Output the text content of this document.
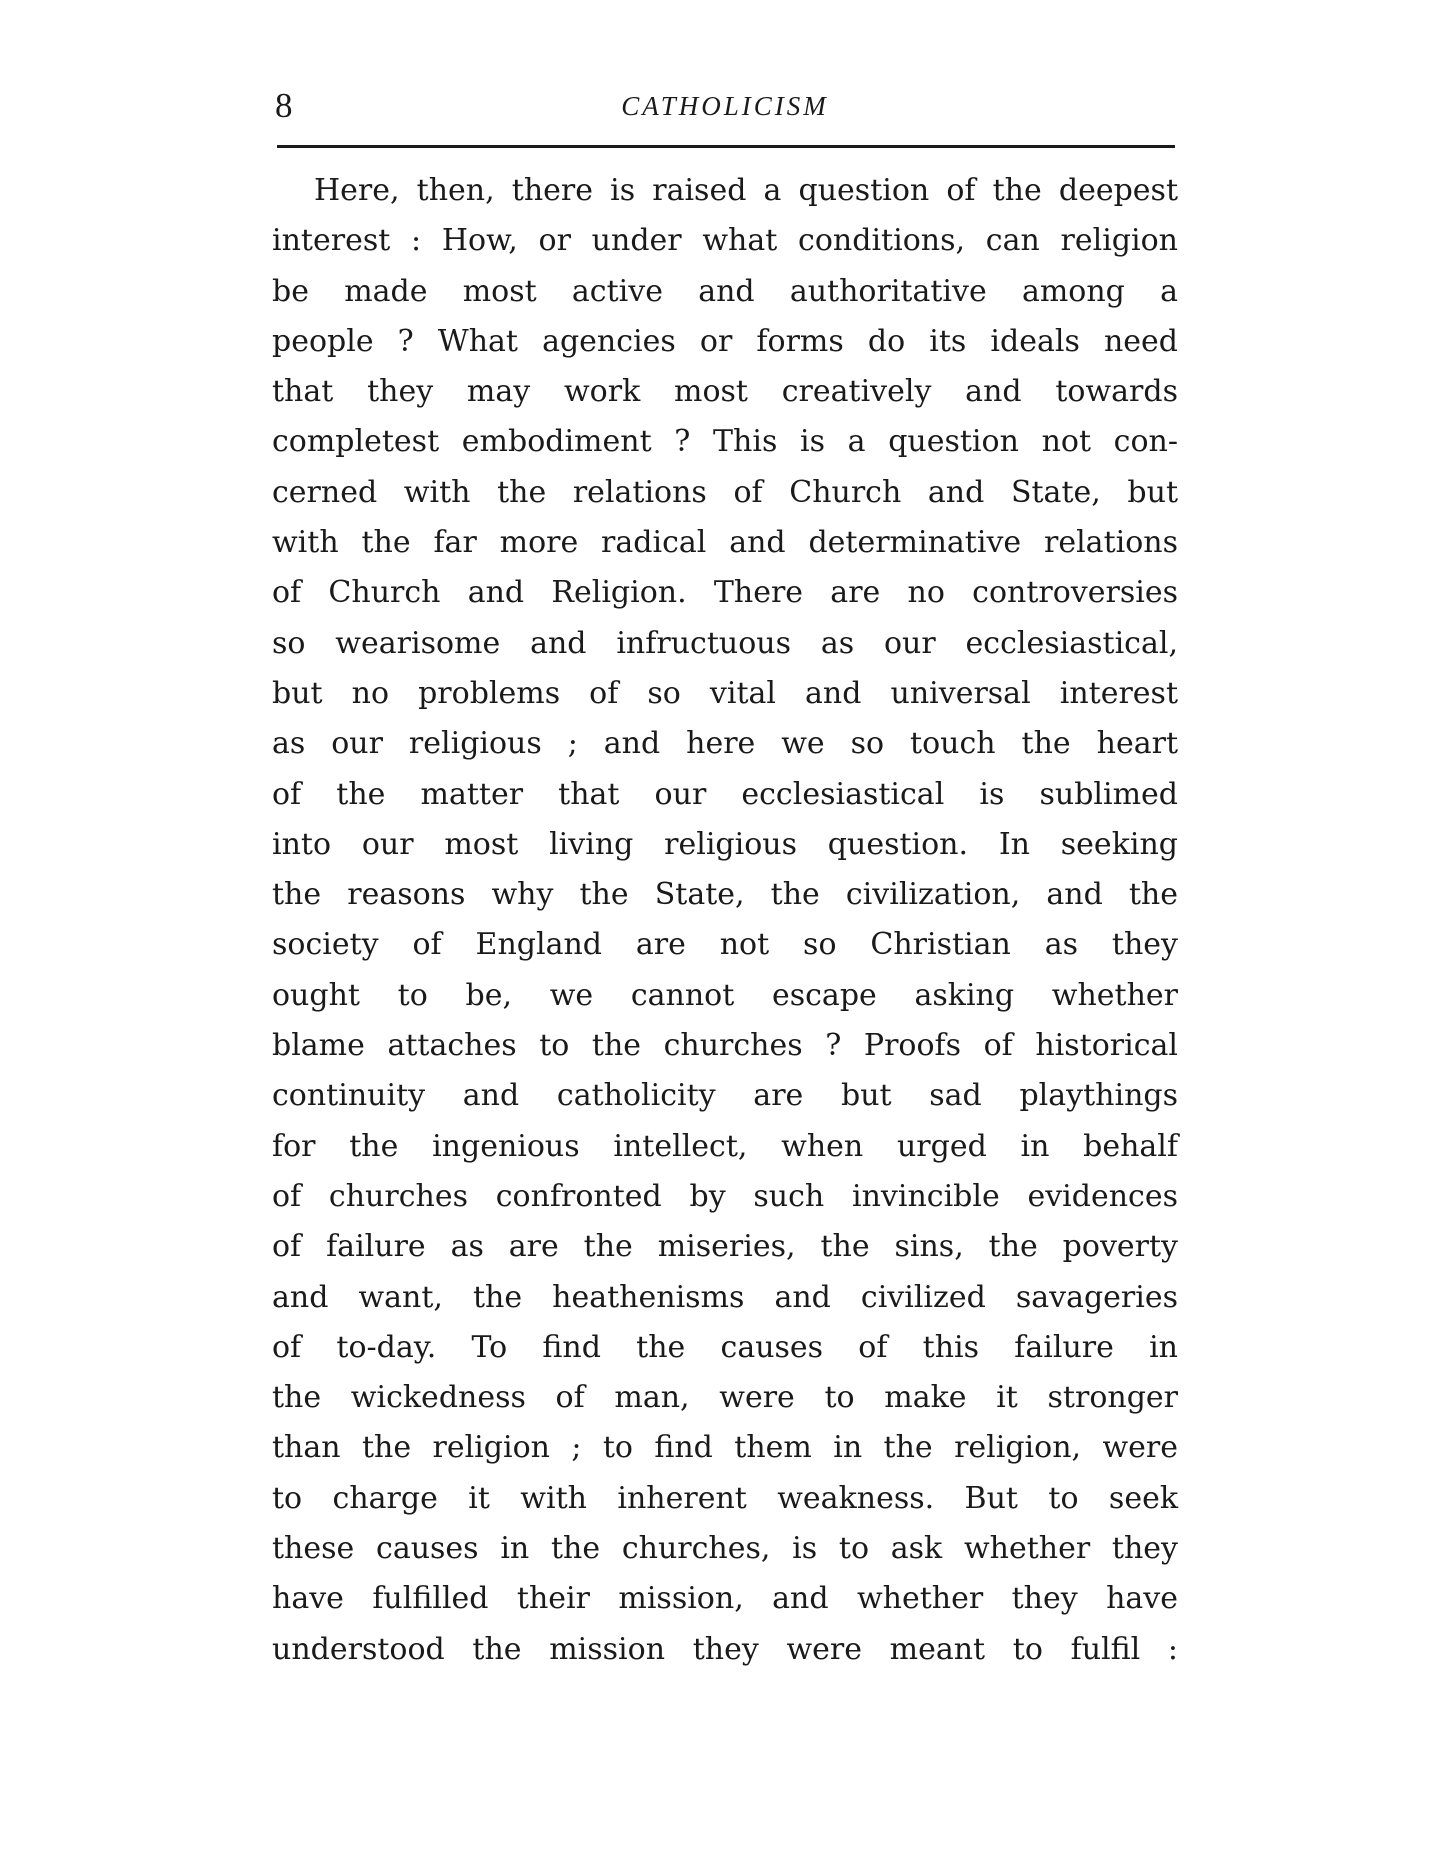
8	CATHOLICISM
Here, then, there is raised a question of the deepest
interest : How, or under what conditions, can religion
be made most active and authoritative among a
people ? What agencies or forms do its ideals need
that they may work most creatively and towards
completest embodiment ? This is a question not con-
cerned with the relations of Church and State, but
with the far more radical and determinative relations
of Church and Religion. There are no controversies
so wearisome and infructuous as our ecclesiastical,
but no problems of so vital and universal interest
as our religious ; and here we so touch the heart
of the matter that our ecclesiastical is sublimed
into our most living religious question. In seeking
the reasons why the State, the civilization, and the
society of England are not so Christian as they
ought to be, we cannot escape asking whether
blame attaches to the churches ? Proofs of historical
continuity and catholicity are but sad playthings
for the ingenious intellect, when urged in behalf
of churches confronted by such invincible evidences
of failure as are the miseries, the sins, the poverty
and want, the heathenisms and civilized savageries
of to-day. To find the causes of this failure in
the wickedness of man, were to make it stronger
than the religion ; to find them in the religion, were
to charge it with inherent weakness. But to seek
these causes in the churches, is to ask whether they
have fulfilled their mission, and whether they have
understood the mission they were meant to fulfil :
